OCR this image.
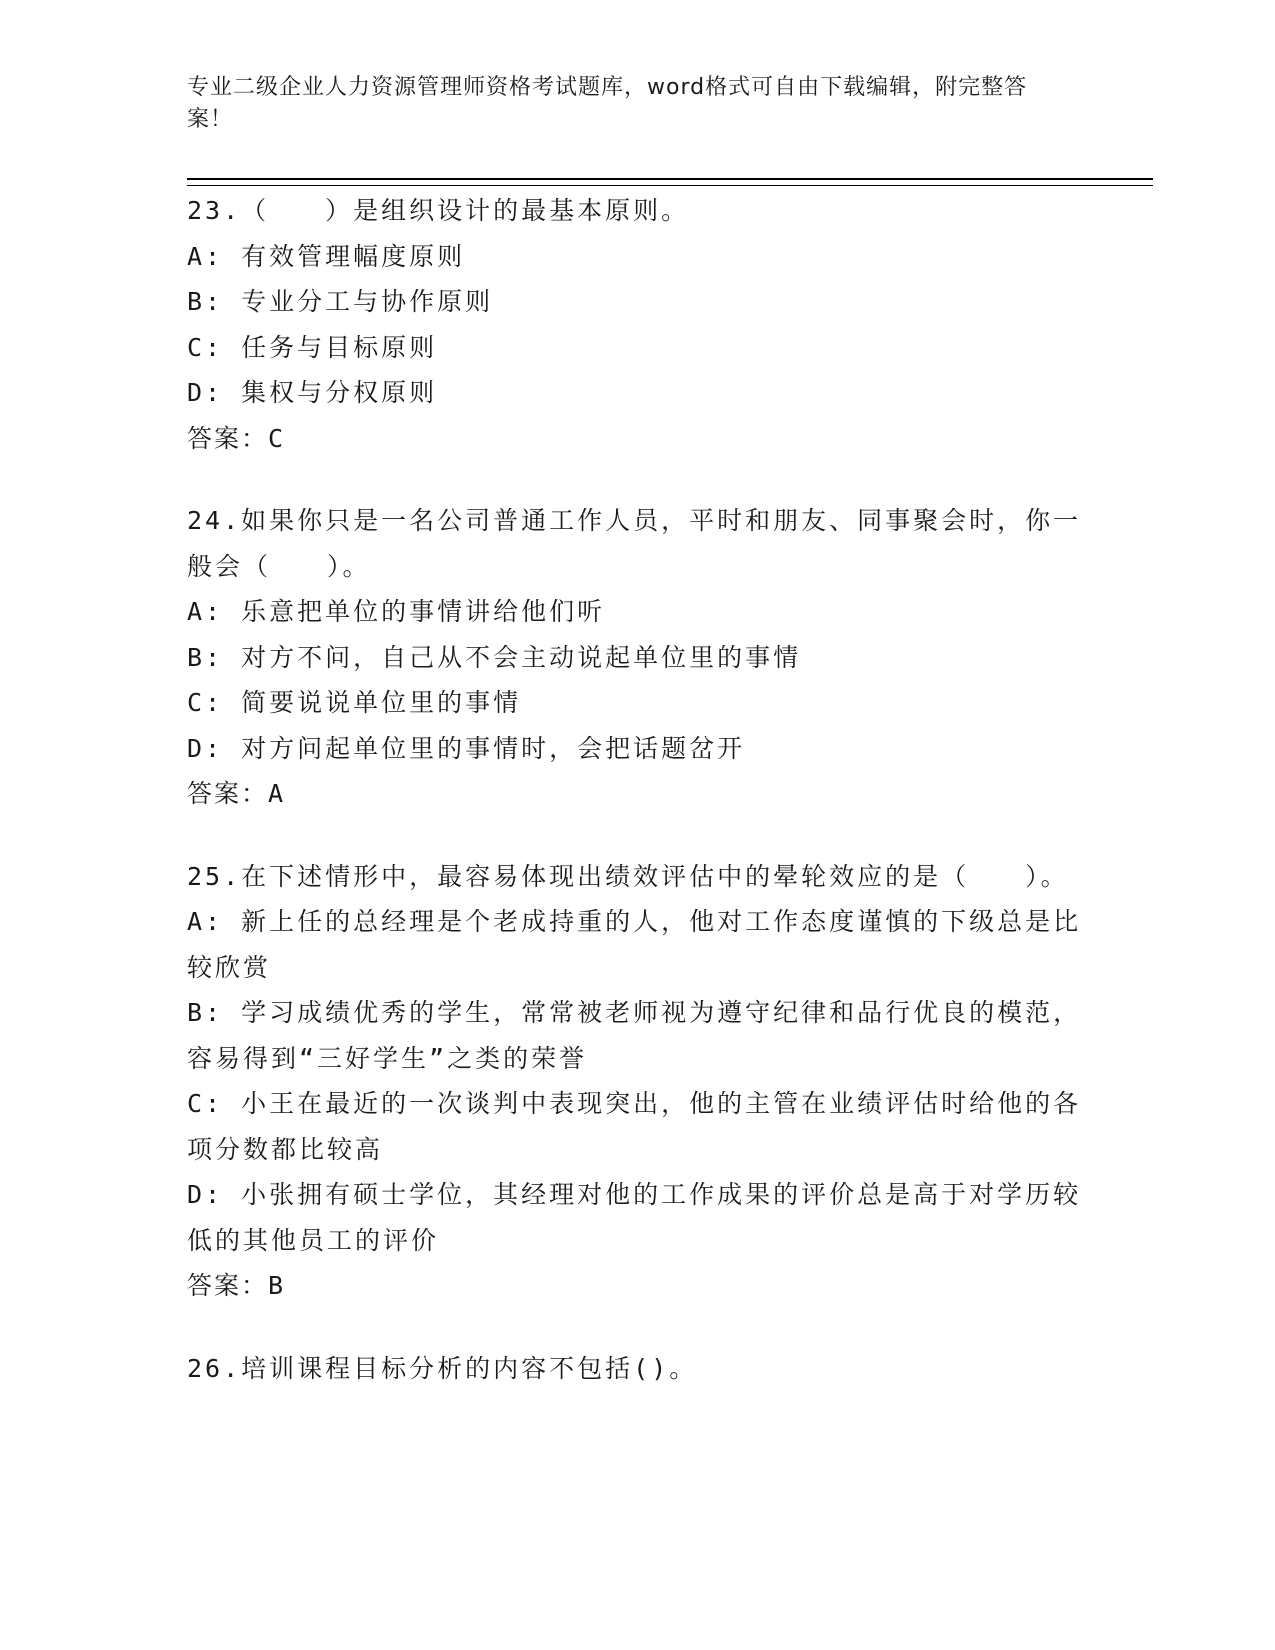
专业二级企业人力资源管理师资格考试题库，word格式可自由下载编辑，附完整答案！
23.（　　）是组织设计的最基本原则。
A: 有效管理幅度原则
B: 专业分工与协作原则
C: 任务与目标原则
D: 集权与分权原则
答案：C
24.如果你只是一名公司普通工作人员，平时和朋友、同事聚会时，你一般会（　　）。
A: 乐意把单位的事情讲给他们听
B: 对方不问，自己从不会主动说起单位里的事情
C: 简要说说单位里的事情
D: 对方问起单位里的事情时，会把话题岔开
答案：A
25.在下述情形中，最容易体现出绩效评估中的晕轮效应的是（　　）。
A: 新上任的总经理是个老成持重的人，他对工作态度谨慎的下级总是比较欣赏
B: 学习成绩优秀的学生，常常被老师视为遵守纪律和品行优良的模范，容易得到“三好学生”之类的荣誉
C: 小王在最近的一次谈判中表现突出，他的主管在业绩评估时给他的各项分数都比较高
D: 小张拥有硕士学位，其经理对他的工作成果的评价总是高于对学历较低的其他员工的评价
答案：B
26.培训课程目标分析的内容不包括()。
